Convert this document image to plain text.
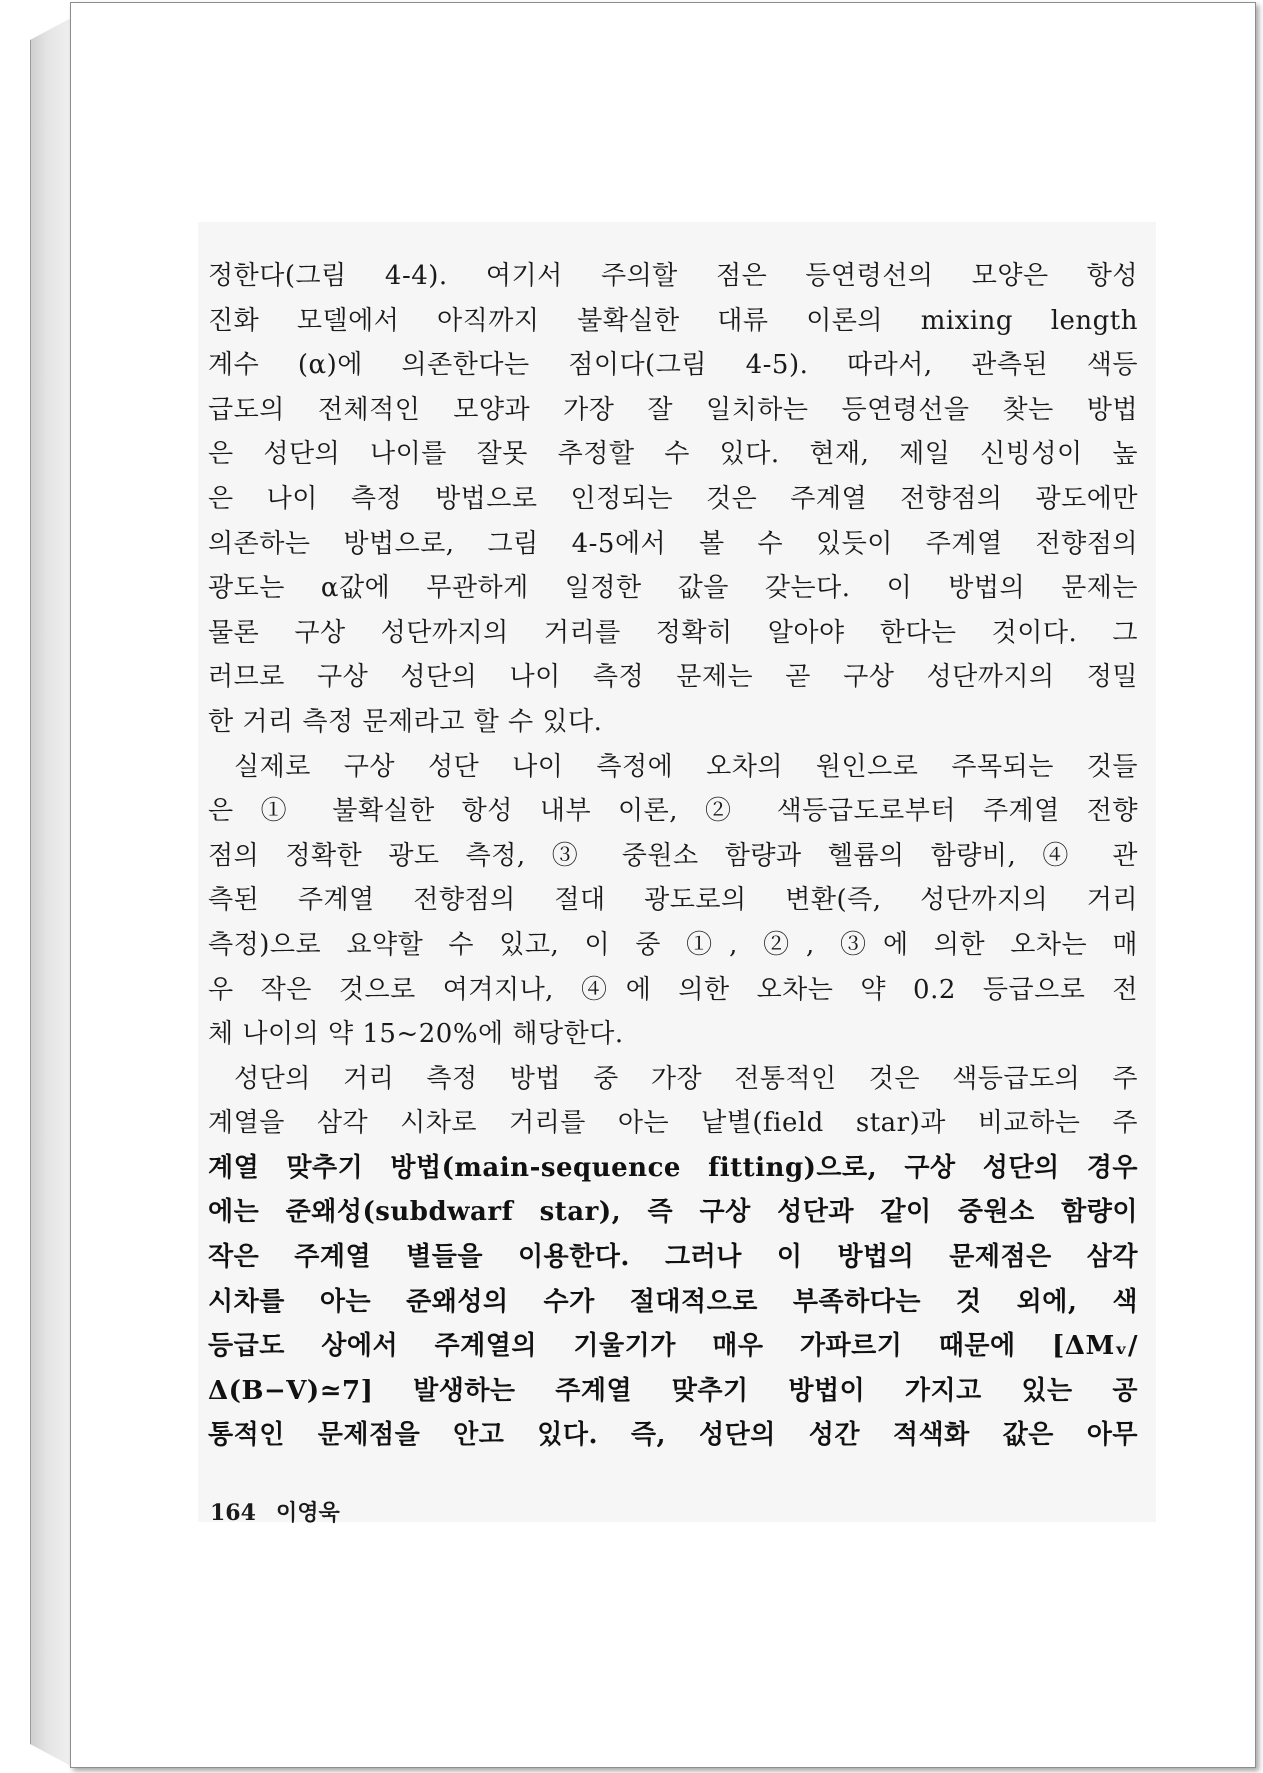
정한다(그림 4-4). 여기서 주의할 점은 등연령선의 모양은 항성
진화 모델에서 아직까지 불확실한 대류 이론의 mixing length
계수 (α)에 의존한다는 점이다(그림 4-5). 따라서, 관측된 색등
급도의 전체적인 모양과 가장 잘 일치하는 등연령선을 찾는 방법
은 성단의 나이를 잘못 추정할 수 있다. 현재, 제일 신빙성이 높
은 나이 측정 방법으로 인정되는 것은 주계열 전향점의 광도에만
의존하는 방법으로, 그림 4-5에서 볼 수 있듯이 주계열 전향점의
광도는 α값에 무관하게 일정한 값을 갖는다. 이 방법의 문제는
물론 구상 성단까지의 거리를 정확히 알아야 한다는 것이다. 그
러므로 구상 성단의 나이 측정 문제는 곧 구상 성단까지의 정밀
한 거리 측정 문제라고 할 수 있다.
실제로 구상 성단 나이 측정에 오차의 원인으로 주목되는 것들
은 ① 불확실한 항성 내부 이론, ② 색등급도로부터 주계열 전향
점의 정확한 광도 측정, ③ 중원소 함량과 헬륨의 함량비, ④ 관
측된 주계열 전향점의 절대 광도로의 변환(즉, 성단까지의 거리
측정)으로 요약할 수 있고, 이 중 ①, ②, ③에 의한 오차는 매
우 작은 것으로 여겨지나, ④에 의한 오차는 약 0.2 등급으로 전
체 나이의 약 15~20%에 해당한다.
성단의 거리 측정 방법 중 가장 전통적인 것은 색등급도의 주
계열을 삼각 시차로 거리를 아는 낱별(field star)과 비교하는 주
계열 맞추기 방법(main-sequence fitting)으로, 구상 성단의 경우
에는 준왜성(subdwarf star), 즉 구상 성단과 같이 중원소 함량이
작은 주계열 별들을 이용한다. 그러나 이 방법의 문제점은 삼각
시차를 아는 준왜성의 수가 절대적으로 부족하다는 것 외에, 색
등급도 상에서 주계열의 기울기가 매우 가파르기 때문에 [ΔMᵥ/
Δ(B−V)≃7] 발생하는 주계열 맞추기 방법이 가지고 있는 공
통적인 문제점을 안고 있다. 즉, 성단의 성간 적색화 값은 아무
164 이영욱
